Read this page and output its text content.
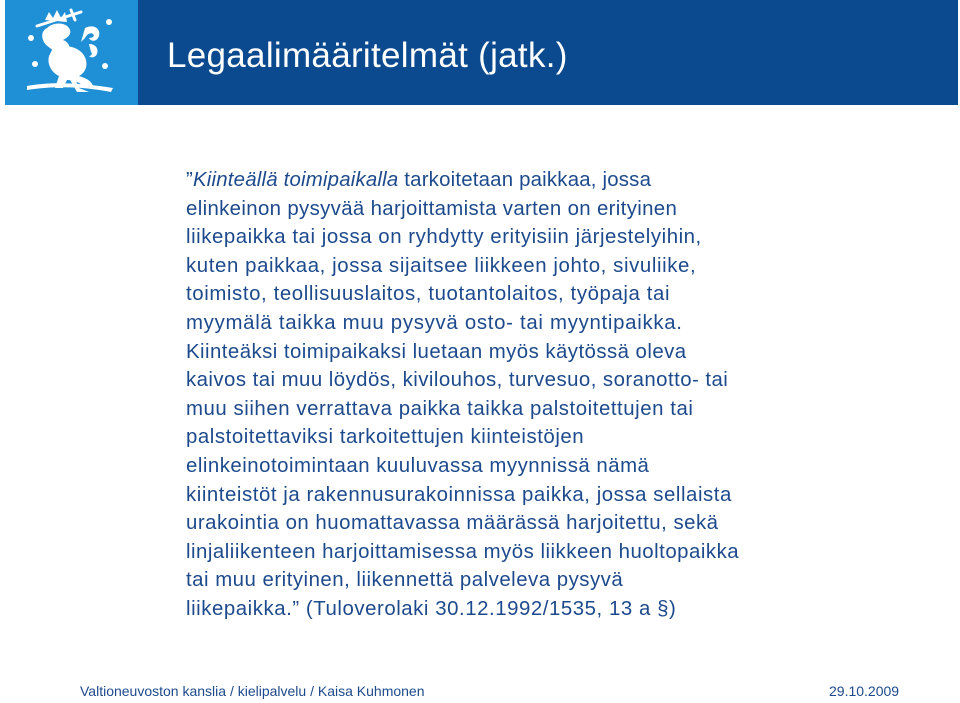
Legaalimääritelmät (jatk.)

”Kiinteällä toimipaikalla tarkoitetaan paikkaa, jossa

elinkeinon pysyvää harjoittamista varten on erityinen

liikepaikka tai jossa on ryhdytty erityisiin järjestelyihin,

kuten paikkaa, jossa sijaitsee liikkeen johto, sivuliike,

toimisto, teollisuuslaitos, tuotantolaitos, työpaja tai

myymälä taikka muu pysyvä osto- tai myyntipaikka.

Kiinteäksi toimipaikaksi luetaan myös käytössä oleva

kaivos tai muu löydös, kivilouhos, turvesuo, soranotto- tai

muu siihen verrattava paikka taikka palstoitettujen tai

palstoitettaviksi tarkoitettujen kiinteistöjen

elinkeinotoimintaan kuuluvassa myynnissä nämä

kiinteistöt ja rakennusurakoinnissa paikka, jossa sellaista

urakointia on huomattavassa määrässä harjoitettu, sekä

linjaliikenteen harjoittamisessa myös liikkeen huoltopaikka

tai muu erityinen, liikennettä palveleva pysyvä

liikepaikka.” (Tuloverolaki 30.12.1992/1535, 13 a §)

Valtioneuvoston kanslia / kielipalvelu / Kaisa Kuhmonen	29.10.2009
